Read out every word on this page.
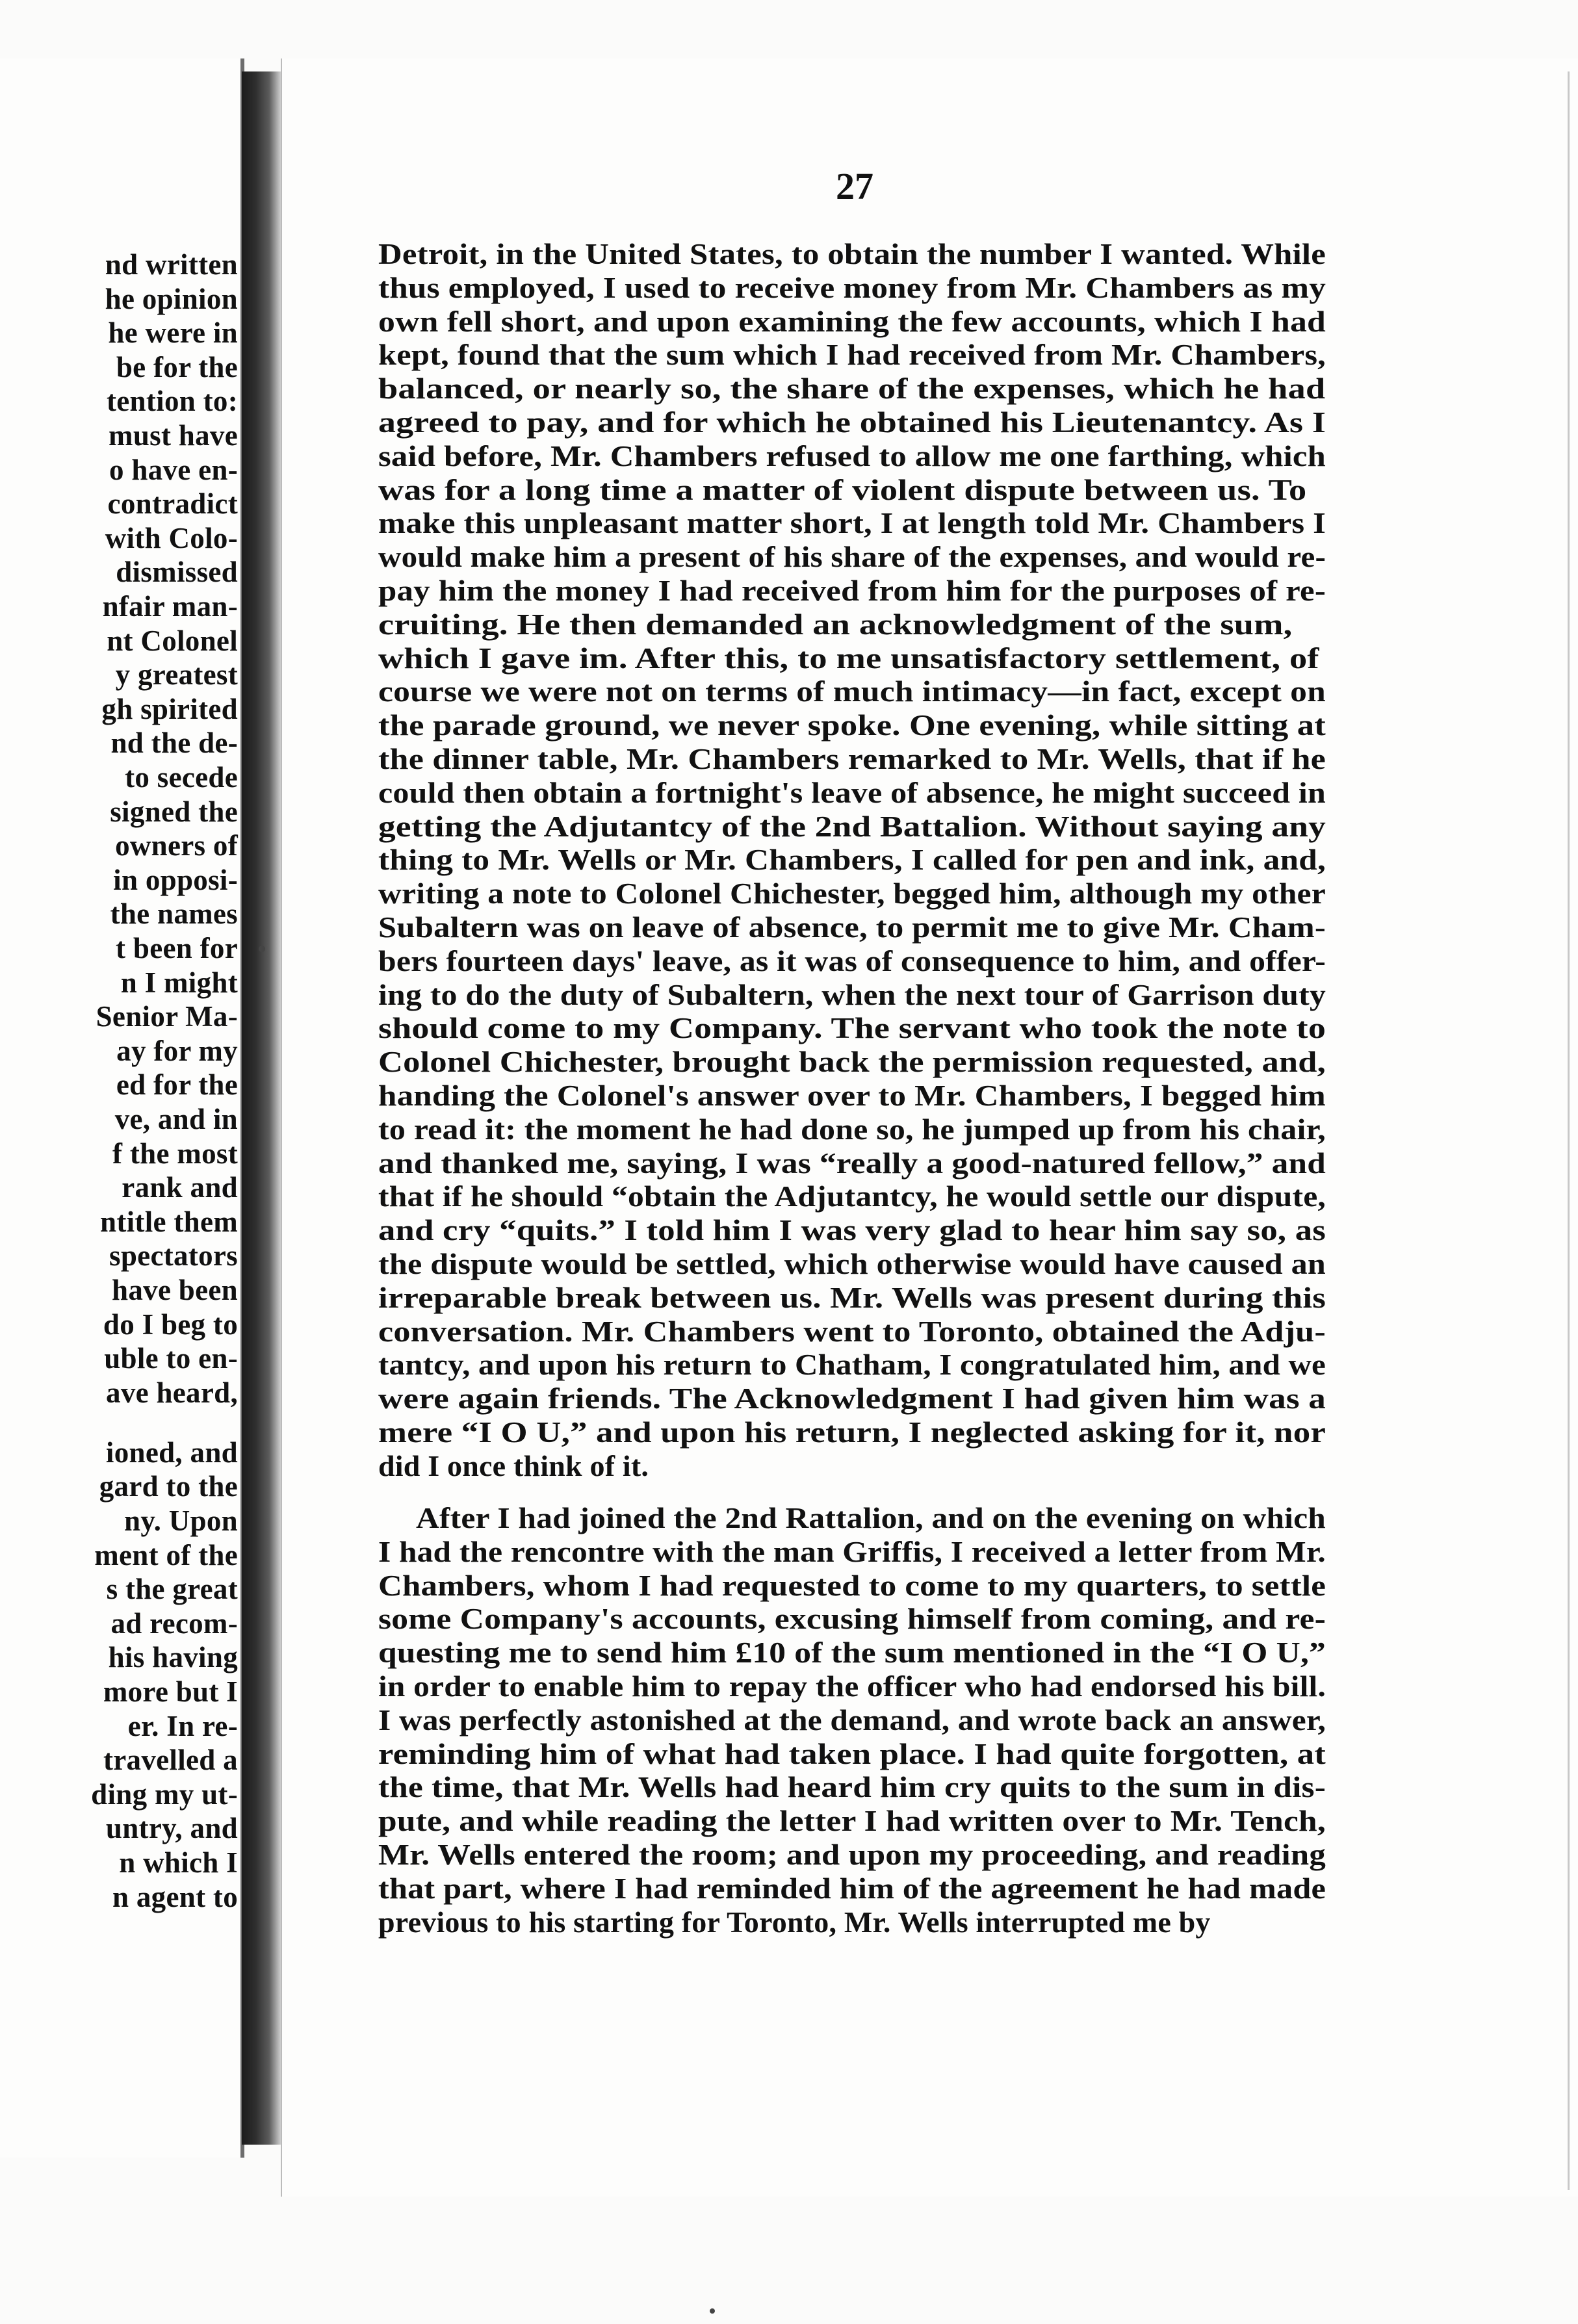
nd written
he opinion
he were in
be for the
tention to:
must have
o have en-
contradict
with Colo-
dismissed
nfair man-
nt Colonel
y greatest
gh spirited
nd the de-
to secede
signed the
owners of
in opposi-
the names
t been for
n I might
Senior Ma-
ay for my
ed for the
ve, and in
f the most
rank and
ntitle them
spectators
have been
do I beg to
uble to en-
ave heard,
ioned, and
gard to the
ny. Upon
ment of the
s the great
ad recom-
his having
more but I
er. In re-
travelled a
ding my ut-
untry, and
n which I
n agent to
27
Detroit, in the United States, to obtain the number I wanted. While
thus employed, I used to receive money from Mr. Chambers as my
own fell short, and upon examining the few accounts, which I had
kept, found that the sum which I had received from Mr. Chambers,
balanced, or nearly so, the share of the expenses, which he had
agreed to pay, and for which he obtained his Lieutenantcy. As I
said before, Mr. Chambers refused to allow me one farthing, which
was for a long time a matter of violent dispute between us. To
make this unpleasant matter short, I at length told Mr. Chambers I
would make him a present of his share of the expenses, and would re-
pay him the money I had received from him for the purposes of re-
cruiting. He then demanded an acknowledgment of the sum,
which I gave im. After this, to me unsatisfactory settlement, of
course we were not on terms of much intimacy—in fact, except on
the parade ground, we never spoke. One evening, while sitting at
the dinner table, Mr. Chambers remarked to Mr. Wells, that if he
could then obtain a fortnight's leave of absence, he might succeed in
getting the Adjutantcy of the 2nd Battalion. Without saying any
thing to Mr. Wells or Mr. Chambers, I called for pen and ink, and,
writing a note to Colonel Chichester, begged him, although my other
Subaltern was on leave of absence, to permit me to give Mr. Cham-
bers fourteen days' leave, as it was of consequence to him, and offer-
ing to do the duty of Subaltern, when the next tour of Garrison duty
should come to my Company. The servant who took the note to
Colonel Chichester, brought back the permission requested, and,
handing the Colonel's answer over to Mr. Chambers, I begged him
to read it: the moment he had done so, he jumped up from his chair,
and thanked me, saying, I was “really a good-natured fellow,” and
that if he should “obtain the Adjutantcy, he would settle our dispute,
and cry “quits.” I told him I was very glad to hear him say so, as
the dispute would be settled, which otherwise would have caused an
irreparable break between us. Mr. Wells was present during this
conversation. Mr. Chambers went to Toronto, obtained the Adju-
tantcy, and upon his return to Chatham, I congratulated him, and we
were again friends. The Acknowledgment I had given him was a
mere “I O U,” and upon his return, I neglected asking for it, nor
did I once think of it.
After I had joined the 2nd Rattalion, and on the evening on which
I had the rencontre with the man Griffis, I received a letter from Mr.
Chambers, whom I had requested to come to my quarters, to settle
some Company's accounts, excusing himself from coming, and re-
questing me to send him £10 of the sum mentioned in the “I O U,”
in order to enable him to repay the officer who had endorsed his bill.
I was perfectly astonished at the demand, and wrote back an answer,
reminding him of what had taken place. I had quite forgotten, at
the time, that Mr. Wells had heard him cry quits to the sum in dis-
pute, and while reading the letter I had written over to Mr. Tench,
Mr. Wells entered the room; and upon my proceeding, and reading
that part, where I had reminded him of the agreement he had made
previous to his starting for Toronto, Mr. Wells interrupted me by
